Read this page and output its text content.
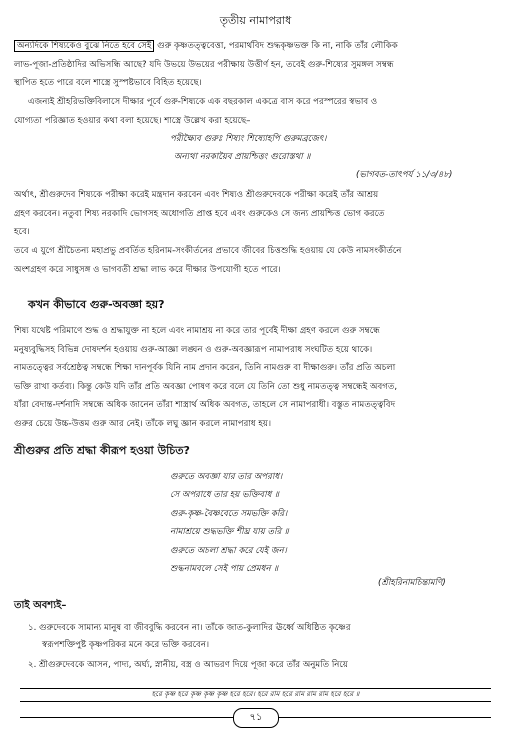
তৃতীয় নামাপরাধ
অন্যদিকে শিষ্যকেও বুঝে নিতে হবে সেই গুরু কৃষ্ণতত্ত্ববেত্তা, পরমার্থবিদ শুদ্ধকৃষ্ণভক্ত কি না, নাকি তাঁর লৌকিক
লাভ-পূজা-প্রতিষ্ঠাদির অভিসন্ধি আছে? যদি উভয়ে উভয়ের পরীক্ষায় উত্তীর্ণ হন, তবেই গুরু-শিষ্যের সুমঙ্গল সম্বন্ধ
স্থাপিত হতে পারে বলে শাস্ত্রে সুস্পষ্টভাবে বিহিত হয়েছে।
এজন্যই শ্রীহরিভক্তিবিলাসে দীক্ষার পূর্বে গুরু-শিষ্যকে এক বছরকাল একত্রে বাস করে পরস্পরের স্বভাব ও
যোগ্যতা পরিজ্ঞাত হওয়ার কথা বলা হয়েছে। শাস্ত্রে উল্লেখ করা হয়েছে–
পরীক্ষ্যৈব গুরুঃ শিষ্যং শিষ্যোহপি গুরুমব্রজেৎ।
অন্যথা নরকায়ৈব প্রায়শ্চিত্তং গুরোস্তথা ॥
(ভাগবত-তাৎপর্য ১১/৩/৪৮)
অর্থাৎ, শ্রীগুরুদেব শিষ্যকে পরীক্ষা করেই মন্ত্রদান করবেন এবং শিষ্যও শ্রীগুরুদেবকে পরীক্ষা করেই তাঁর আশ্রয়
গ্রহণ করবেন। নতুবা শিষ্য নরকাদি ভোগসহ অধোগতি প্রাপ্ত হবে এবং গুরুকেও সে জন্য প্রায়শ্চিত্ত ভোগ করতে
হবে।
তবে এ যুগে শ্রীচৈতন্য মহাপ্রভু প্রবর্তিত হরিনাম-সংকীর্তনের প্রভাবে জীবের চিত্তশুদ্ধি হওয়ায় যে কেউ নামসংকীর্তনে
অংশগ্রহণ করে সাধুসঙ্গ ও ভাগবতী শ্রদ্ধা লাভ করে দীক্ষার উপযোগী হতে পারে।
কখন কীভাবে গুরু-অবজ্ঞা হয়?
শিষ্য যথেষ্ট পরিমাণে শুদ্ধ ও শ্রদ্ধাযুক্ত না হলে এবং নামাশ্রয় না করে তার পূর্বেই দীক্ষা গ্রহণ করলে গুরু সম্বন্ধে
মনুষ্যবুদ্ধিসহ বিভিন্ন দোষদর্শন হওয়ায় গুরু-আজ্ঞা লঙ্ঘন ও গুরু-অবজ্ঞারূপ নামাপরাধ সংঘটিত হয়ে থাকে।
নামতত্ত্বের সর্বশ্রেষ্ঠত্ব সম্বন্ধে শিক্ষা দানপূর্বক যিনি নাম প্রদান করেন, তিনি নামগুরু বা দীক্ষাগুরু। তাঁর প্রতি অচলা
ভক্তি রাখা কর্তব্য। কিন্তু কেউ যদি তাঁর প্রতি অবজ্ঞা পোষণ করে বলে যে তিনি তো শুধু নামতত্ত্ব সম্বন্ধেই অবগত,
যাঁরা বেদান্ত-দর্শনাদি সম্বন্ধে অধিক জানেন তাঁরা শাস্ত্রার্থ অধিক অবগত, তাহলে সে নামাপরাধী। বস্তুত নামতত্ত্ববিদ
গুরুর চেয়ে উচ্চ-উত্তম গুরু আর নেই। তাঁকে লঘু জ্ঞান করলে নামাপরাধ হয়।
শ্রীগুরুর প্রতি শ্রদ্ধা কীরূপ হওয়া উচিত?
গুরুতে অবজ্ঞা যার তার অপরাধ।
সে অপরাধে তার হয় ভক্তিবাধ ॥
গুরু-কৃষ্ণ-বৈষ্ণবেতে সমভক্তি করি।
নামাশ্রয়ে শুদ্ধভক্তি শীঘ্র যায় তরি ॥
গুরুতে অচলা শ্রদ্ধা করে যেই জন।
শুদ্ধনামবলে সেই পায় প্রেমধন ॥
(শ্রীহরিনামচিন্তামণি)
তাই অবশ্যই–
১. গুরুদেবকে সামান্য মানুষ বা জীববুদ্ধি করবেন না। তাঁকে জাত-কুলাদির ঊর্ধ্বে অধিষ্ঠিত কৃষ্ণের
স্বরূপশক্তিপুষ্ট কৃষ্ণপরিকর মনে করে ভক্তি করবেন।
২. শ্রীগুরুদেবকে আসন, পাদ্য, অর্ঘ্য, স্নানীয়, বস্ত্র ও আভরণ দিয়ে পূজা করে তাঁর অনুমতি নিয়ে
হরে কৃষ্ণ হরে কৃষ্ণ কৃষ্ণ কৃষ্ণ হরে হরে। হরে রাম হরে রাম রাম রাম হরে হরে ॥
৭১
